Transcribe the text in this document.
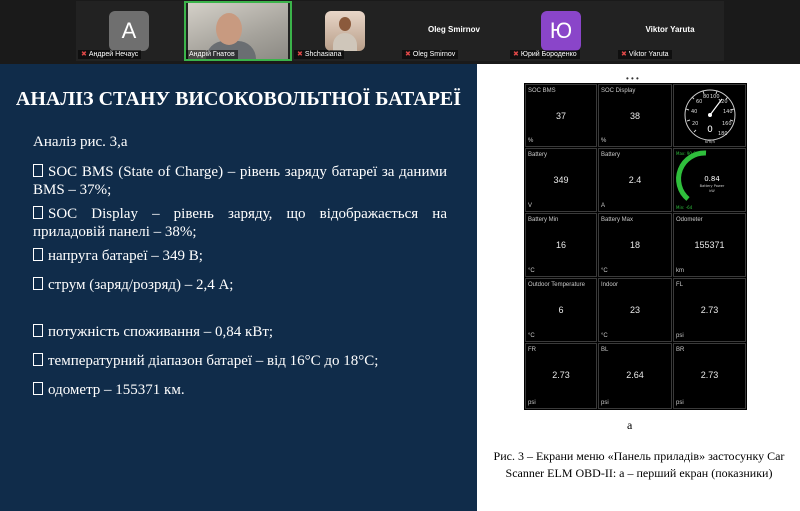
А
✖ Андрей Нечаус	Андрій Гнатов	✖ Shchasiana
Oleg Smirnov
✖ Oleg Smirnov
Ю
✖ Юрий Бороденко
Viktor Yaruta
✖ Viktor Yaruta
АНАЛІЗ СТАНУ ВИСОКОВОЛЬТНОЇ БАТАРЕЇ
Аналіз рис. 3,а
SOC BMS (State of Charge) – рівень заряду батареї за даними BMS – 37%;
SOC Display – рівень заряду, що відображається на приладовій панелі – 38%;
напруга батареї – 349 В;
струм (заряд/розряд) – 2,4 А;
потужність споживання – 0,84 кВт;
температурний діапазон батареї – від 16°C до 18°C;
одометр – 155371 км.
• • •
SOC BMS
37
%
SOC Display
38
%
20
40
60
80 100
120
140
160
180
0
km/h
Battery
349
V
Battery
2.4
A
Max: 90.6
Min: -64
0.84
Battery Power
kW
Battery Min
16
°C
Battery Max
18
°C
Odometer
155371
km
Outdoor Temperature
6
°C
Indoor
23
°C
FL
2.73
psi
FR
2.73
psi
BL
2.64
psi
BR
2.73
psi
а
Рис. 3 – Екрани меню «Панель приладів» застосунку Car Scanner ELM OBD-II: а – перший екран (показники)
